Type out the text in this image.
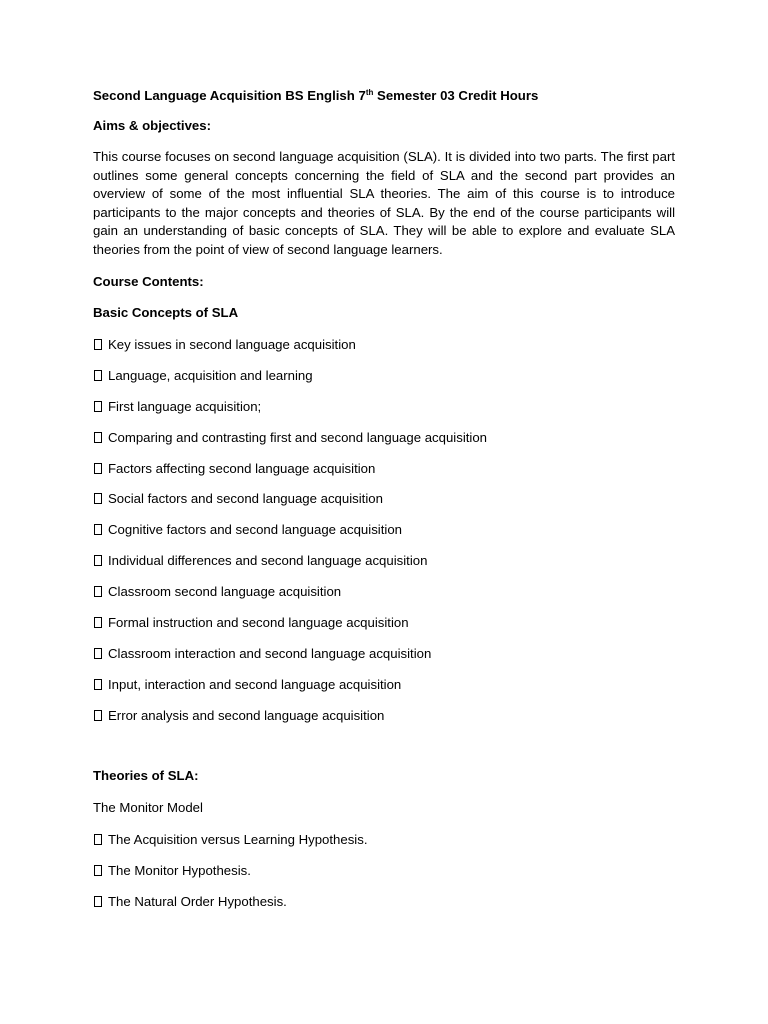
Second Language Acquisition BS English 7th Semester 03 Credit Hours
Aims & objectives:
This course focuses on second language acquisition (SLA). It is divided into two parts. The first part outlines some general concepts concerning the field of SLA and the second part provides an overview of some of the most influential SLA theories. The aim of this course is to introduce participants to the major concepts and theories of SLA. By the end of the course participants will gain an understanding of basic concepts of SLA. They will be able to explore and evaluate SLA theories from the point of view of second language learners.
Course Contents:
Basic Concepts of SLA
Key issues in second language acquisition
Language, acquisition and learning
First language acquisition;
Comparing and contrasting first and second language acquisition
Factors affecting second language acquisition
Social factors and second language acquisition
Cognitive factors and second language acquisition
Individual differences and second language acquisition
Classroom second language acquisition
Formal instruction and second language acquisition
Classroom interaction and second language acquisition
Input, interaction and second language acquisition
Error analysis and second language acquisition
Theories of SLA:
The Monitor Model
The Acquisition versus Learning Hypothesis.
The Monitor Hypothesis.
The Natural Order Hypothesis.
